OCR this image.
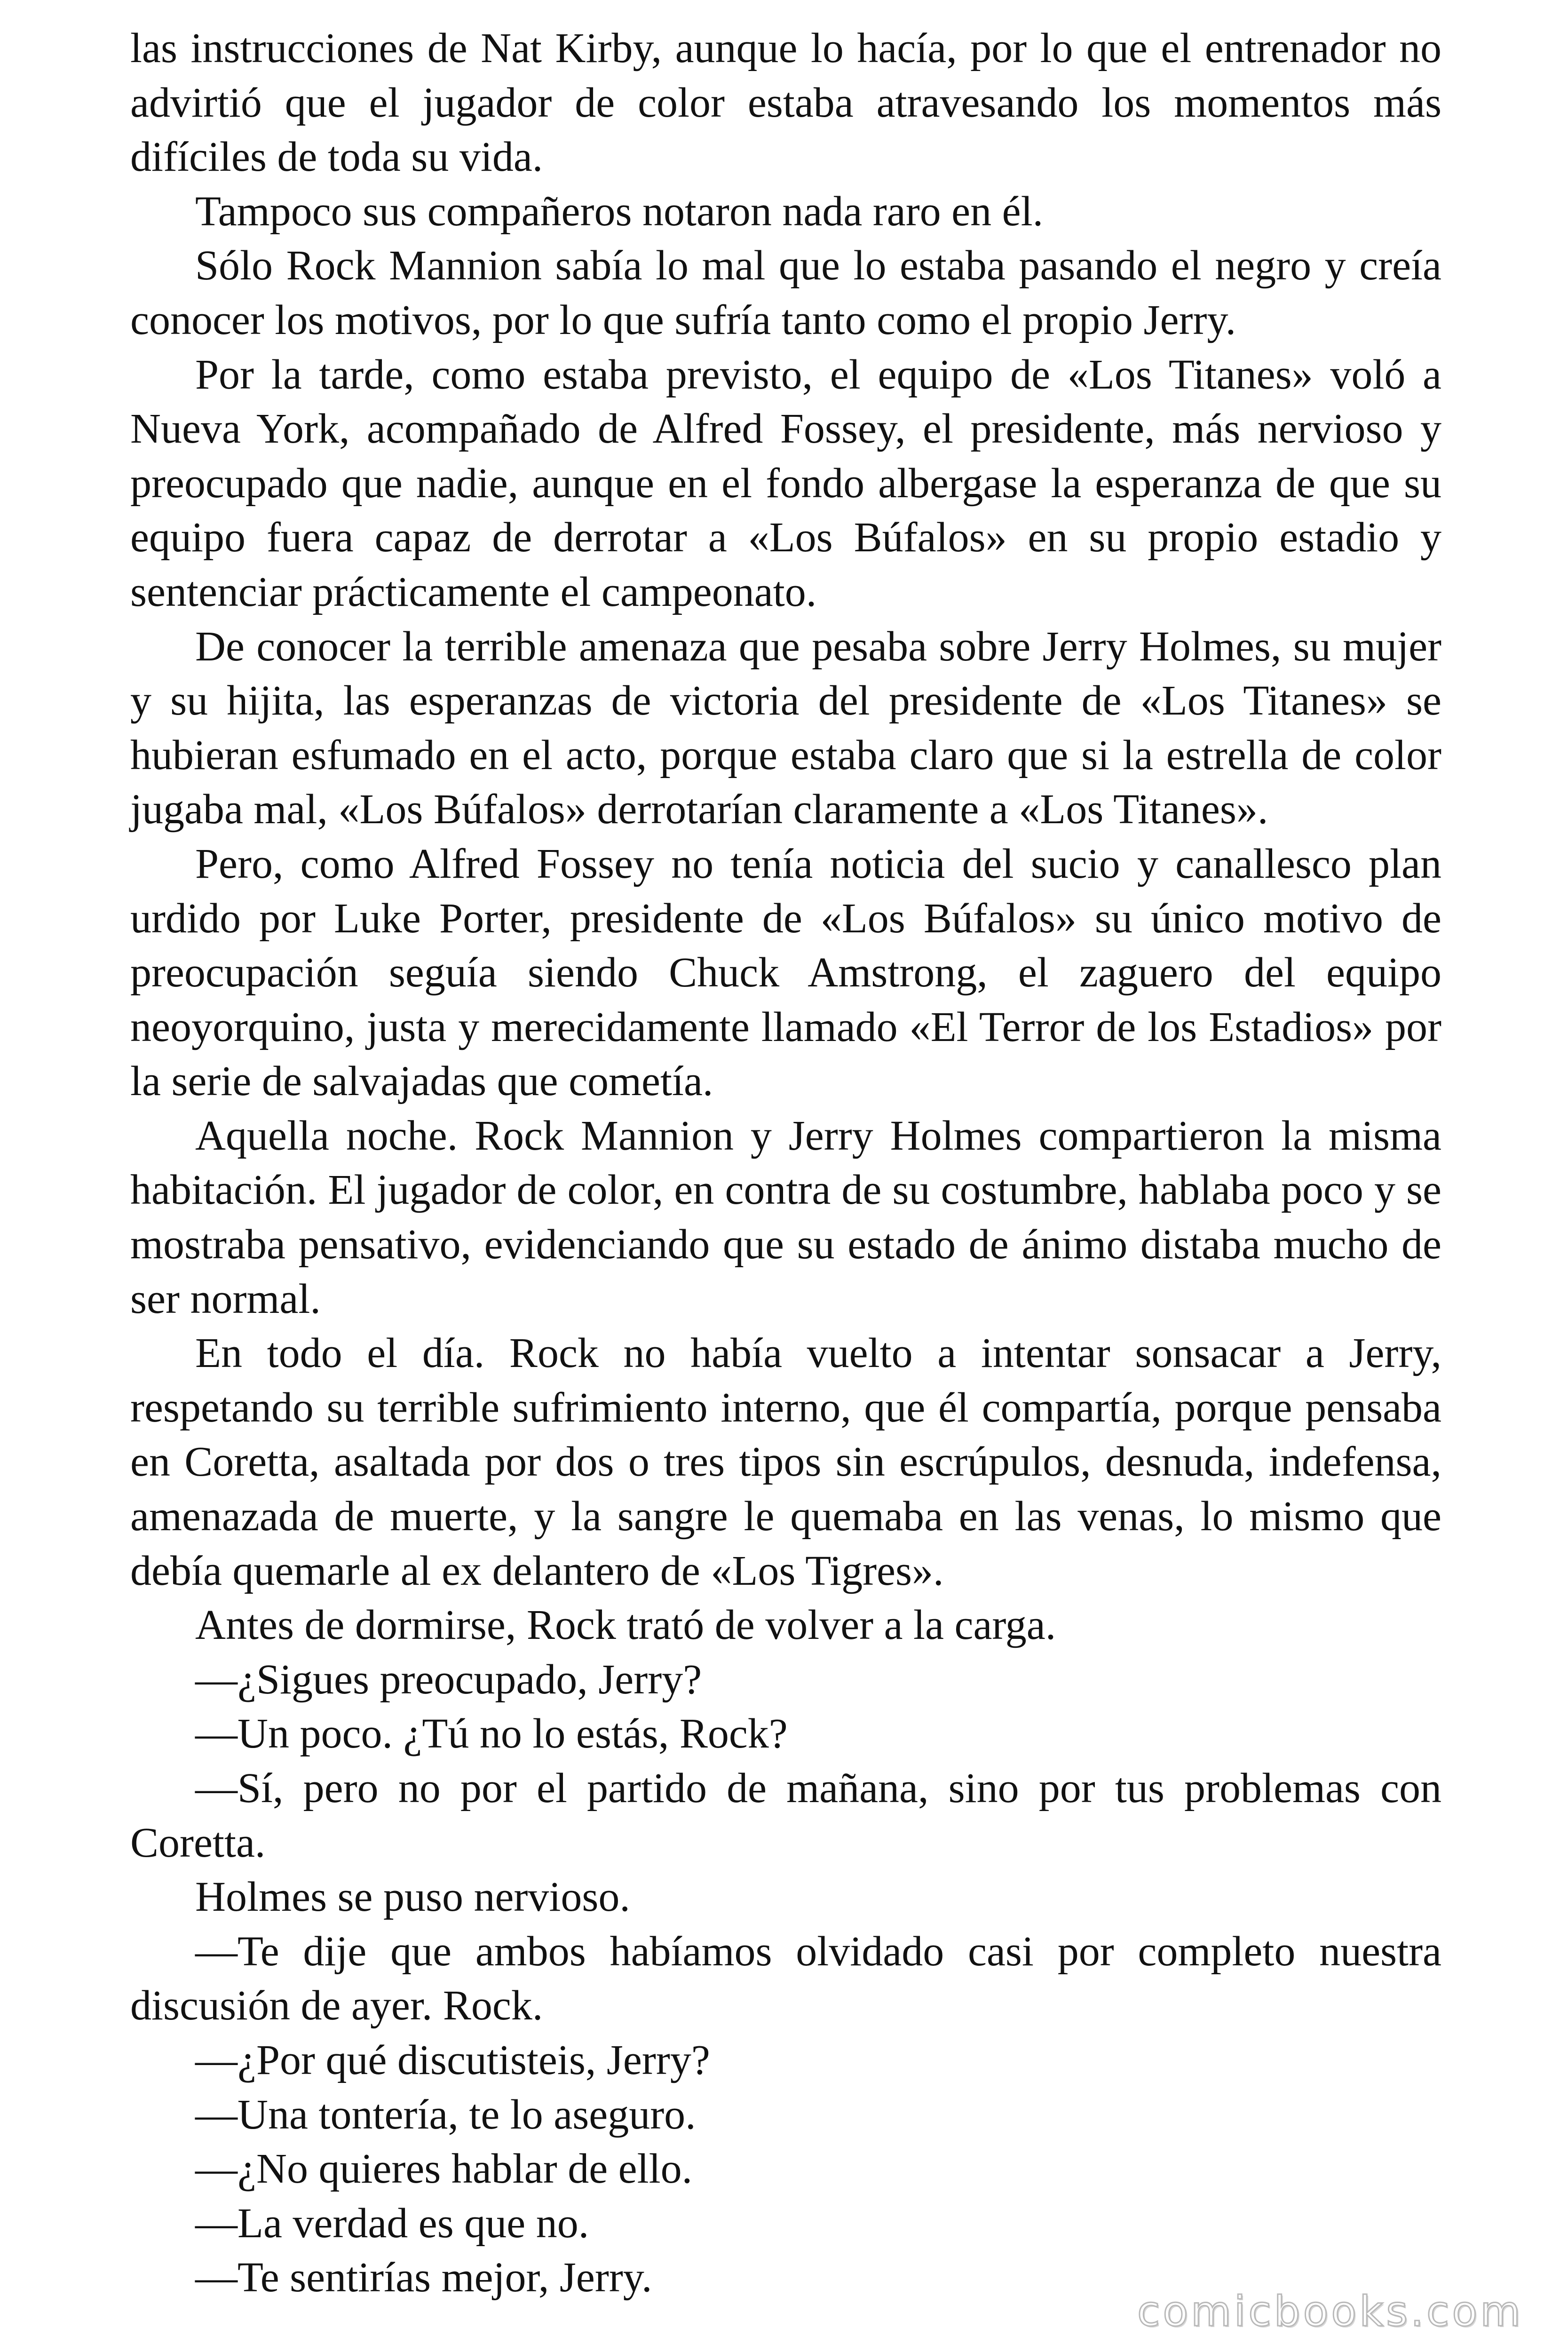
las instrucciones de Nat Kirby, aunque lo hacía, por lo que el entrenador no advirtió que el jugador de color estaba atravesando los momentos más difíciles de toda su vida.

Tampoco sus compañeros notaron nada raro en él.

Sólo Rock Mannion sabía lo mal que lo estaba pasando el negro y creía conocer los motivos, por lo que sufría tanto como el propio Jerry.

Por la tarde, como estaba previsto, el equipo de «Los Titanes» voló a Nueva York, acompañado de Alfred Fossey, el presidente, más nervioso y preocupado que nadie, aunque en el fondo albergase la esperanza de que su equipo fuera capaz de derrotar a «Los Búfalos» en su propio estadio y sentenciar prácticamente el campeonato.

De conocer la terrible amenaza que pesaba sobre Jerry Holmes, su mujer y su hijita, las esperanzas de victoria del presidente de «Los Titanes» se hubieran esfumado en el acto, porque estaba claro que si la estrella de color jugaba mal, «Los Búfalos» derrotarían claramente a «Los Titanes».

Pero, como Alfred Fossey no tenía noticia del sucio y canallesco plan urdido por Luke Porter, presidente de «Los Búfalos» su único motivo de preocupación seguía siendo Chuck Amstrong, el zaguero del equipo neoyorquino, justa y merecidamente llamado «El Terror de los Estadios» por la serie de salvajadas que cometía.

Aquella noche. Rock Mannion y Jerry Holmes compartieron la misma habitación. El jugador de color, en contra de su costumbre, hablaba poco y se mostraba pensativo, evidenciando que su estado de ánimo distaba mucho de ser normal.

En todo el día. Rock no había vuelto a intentar sonsacar a Jerry, respetando su terrible sufrimiento interno, que él compartía, porque pensaba en Coretta, asaltada por dos o tres tipos sin escrúpulos, desnuda, indefensa, amenazada de muerte, y la sangre le quemaba en las venas, lo mismo que debía quemarle al ex delantero de «Los Tigres».

Antes de dormirse, Rock trató de volver a la carga.

—¿Sigues preocupado, Jerry?

—Un poco. ¿Tú no lo estás, Rock?

—Sí, pero no por el partido de mañana, sino por tus problemas con Coretta.

Holmes se puso nervioso.

—Te dije que ambos habíamos olvidado casi por completo nuestra discusión de ayer. Rock.

—¿Por qué discutisteis, Jerry?

—Una tontería, te lo aseguro.

—¿No quieres hablar de ello.

—La verdad es que no.

—Te sentirías mejor, Jerry.

comicbooks.com
